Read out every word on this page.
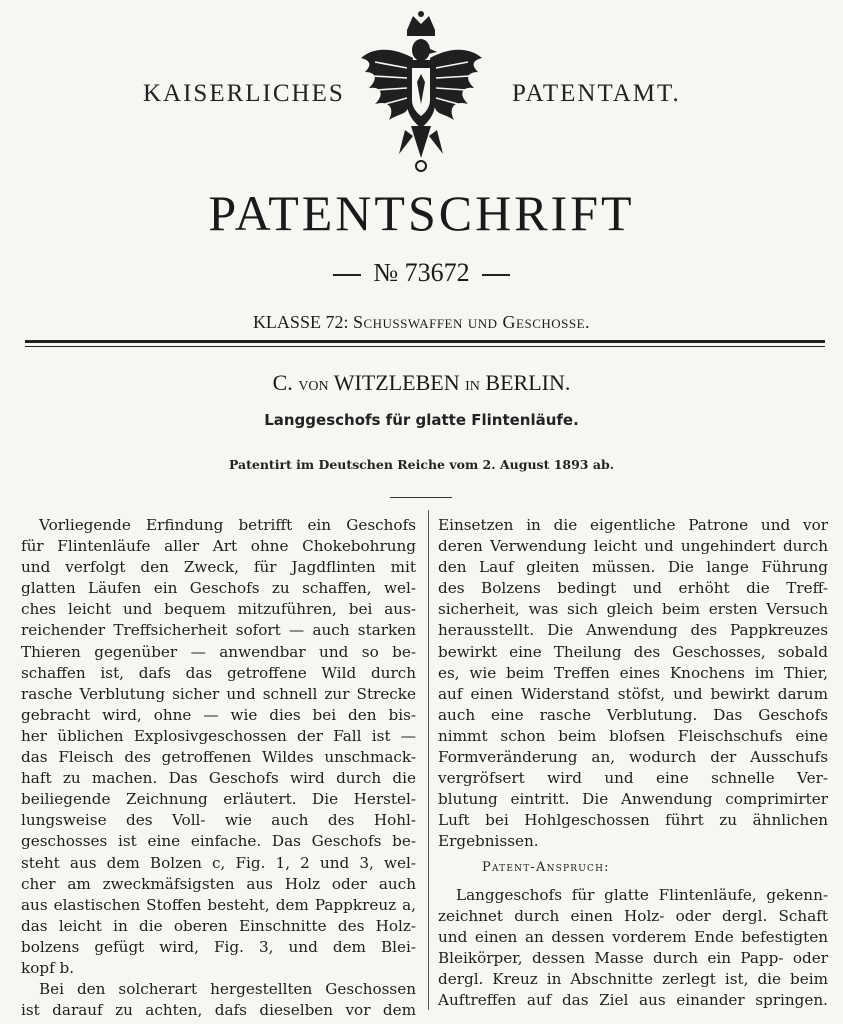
KAISERLICHES	PATENTAMT.
PATENTSCHRIFT
№ 73672
KLASSE 72: Schusswaffen und Geschosse.
C. von WITZLEBEN in BERLIN.
Langgeschofs für glatte Flintenläufe.
Patentirt im Deutschen Reiche vom 2. August 1893 ab.
Vorliegende Erfindung betrifft ein Geschofs
für Flintenläufe aller Art ohne Chokebohrung
und verfolgt den Zweck, für Jagdflinten mit
glatten Läufen ein Geschofs zu schaffen, wel-
ches leicht und bequem mitzuführen, bei aus-
reichender Treffsicherheit sofort — auch starken
Thieren gegenüber — anwendbar und so be-
schaffen ist, dafs das getroffene Wild durch
rasche Verblutung sicher und schnell zur Strecke
gebracht wird, ohne — wie dies bei den bis-
her üblichen Explosivgeschossen der Fall ist —
das Fleisch des getroffenen Wildes unschmack-
haft zu machen. Das Geschofs wird durch die
beiliegende Zeichnung erläutert. Die Herstel-
lungsweise des Voll- wie auch des Hohl-
geschosses ist eine einfache. Das Geschofs be-
steht aus dem Bolzen c, Fig. 1, 2 und 3, wel-
cher am zweckmäfsigsten aus Holz oder auch
aus elastischen Stoffen besteht, dem Pappkreuz a,
das leicht in die oberen Einschnitte des Holz-
bolzens gefügt wird, Fig. 3, und dem Blei-
kopf b.
Bei den solcherart hergestellten Geschossen
ist darauf zu achten, dafs dieselben vor dem
Einsetzen in die eigentliche Patrone und vor
deren Verwendung leicht und ungehindert durch
den Lauf gleiten müssen. Die lange Führung
des Bolzens bedingt und erhöht die Treff-
sicherheit, was sich gleich beim ersten Versuch
herausstellt. Die Anwendung des Pappkreuzes
bewirkt eine Theilung des Geschosses, sobald
es, wie beim Treffen eines Knochens im Thier,
auf einen Widerstand stöfst, und bewirkt darum
auch eine rasche Verblutung. Das Geschofs
nimmt schon beim blofsen Fleischschufs eine
Formveränderung an, wodurch der Ausschufs
vergröfsert wird und eine schnelle Ver-
blutung eintritt. Die Anwendung comprimirter
Luft bei Hohlgeschossen führt zu ähnlichen
Ergebnissen.
Patent-Anspruch:
Langgeschofs für glatte Flintenläufe, gekenn-
zeichnet durch einen Holz- oder dergl. Schaft
und einen an dessen vorderem Ende befestigten
Bleikörper, dessen Masse durch ein Papp- oder
dergl. Kreuz in Abschnitte zerlegt ist, die beim
Auftreffen auf das Ziel aus einander springen.
